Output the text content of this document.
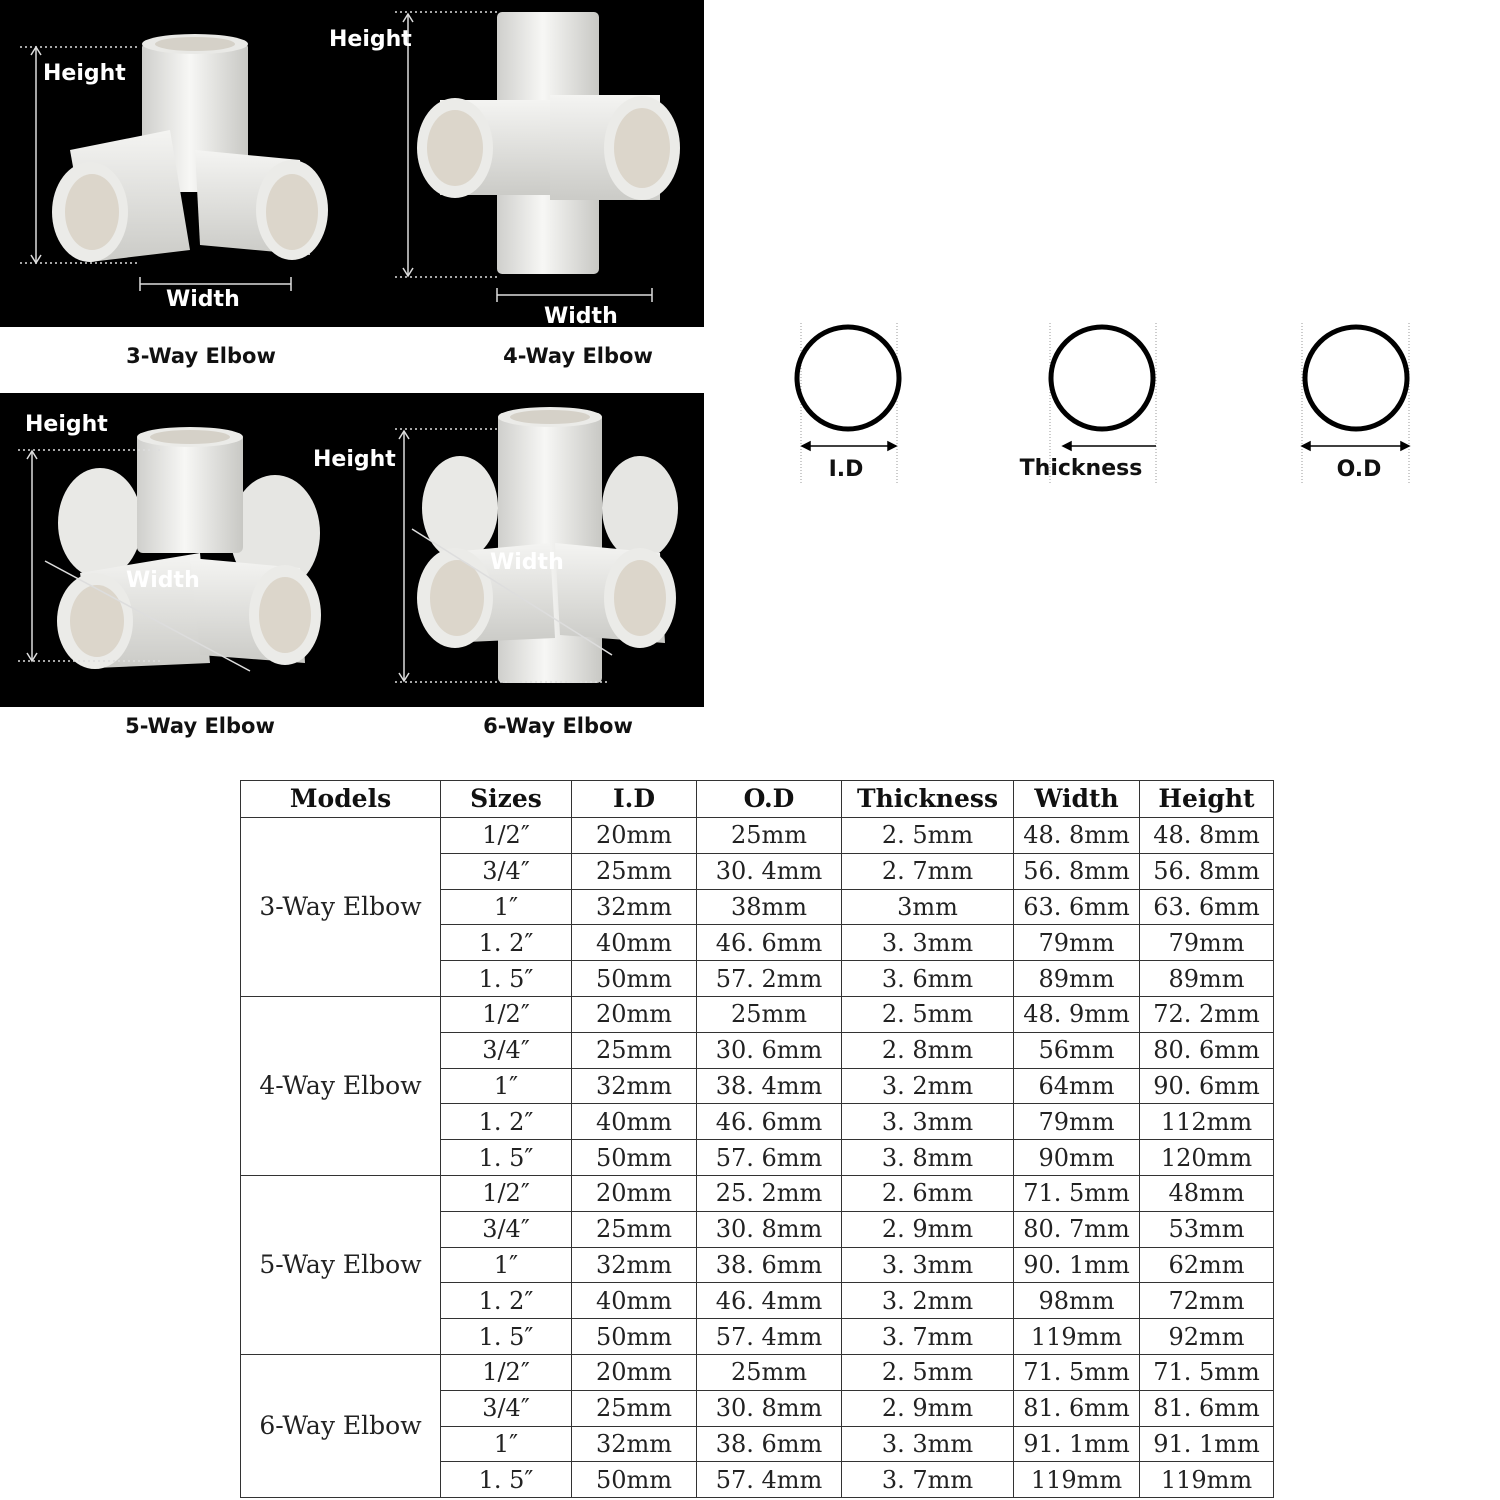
Height
Width
Height
Width
3-Way Elbow	4-Way Elbow
Height
Width
Height
Width
5-Way Elbow	6-Way Elbow
I.D	Thickness	O.D
Models	Sizes	I.D	O.D	Thickness	Width	Height
3-Way Elbow	1/2″	20mm	25mm	2. 5mm	48. 8mm	48. 8mm
	3/4″	25mm	30. 4mm	2. 7mm	56. 8mm	56. 8mm
	1″	32mm	38mm	3mm	63. 6mm	63. 6mm
	1. 2″	40mm	46. 6mm	3. 3mm	79mm	79mm
	1. 5″	50mm	57. 2mm	3. 6mm	89mm	89mm
4-Way Elbow	1/2″	20mm	25mm	2. 5mm	48. 9mm	72. 2mm
	3/4″	25mm	30. 6mm	2. 8mm	56mm	80. 6mm
	1″	32mm	38. 4mm	3. 2mm	64mm	90. 6mm
	1. 2″	40mm	46. 6mm	3. 3mm	79mm	112mm
	1. 5″	50mm	57. 6mm	3. 8mm	90mm	120mm
5-Way Elbow	1/2″	20mm	25. 2mm	2. 6mm	71. 5mm	48mm
	3/4″	25mm	30. 8mm	2. 9mm	80. 7mm	53mm
	1″	32mm	38. 6mm	3. 3mm	90. 1mm	62mm
	1. 2″	40mm	46. 4mm	3. 2mm	98mm	72mm
	1. 5″	50mm	57. 4mm	3. 7mm	119mm	92mm
6-Way Elbow	1/2″	20mm	25mm	2. 5mm	71. 5mm	71. 5mm
	3/4″	25mm	30. 8mm	2. 9mm	81. 6mm	81. 6mm
	1″	32mm	38. 6mm	3. 3mm	91. 1mm	91. 1mm
	1. 5″	50mm	57. 4mm	3. 7mm	119mm	119mm
